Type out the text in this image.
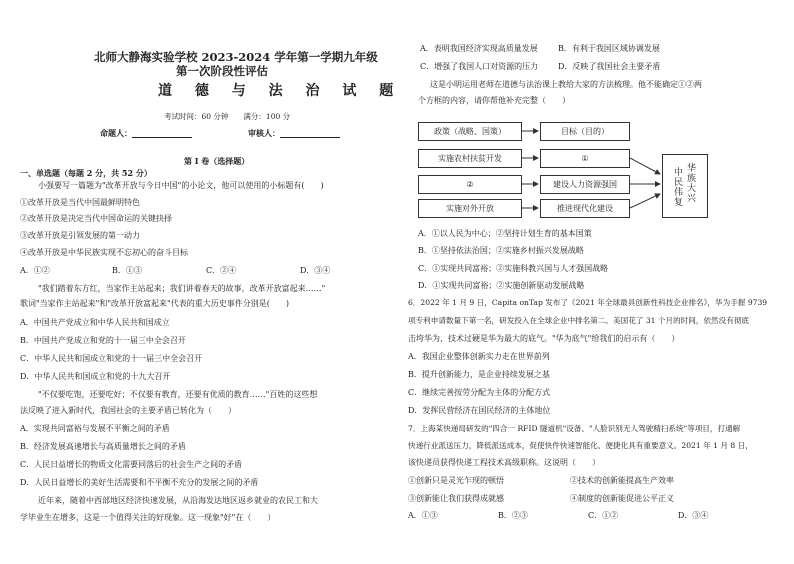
北师大静海实验学校 2023-2024 学年第一学期九年级
第一次阶段性评估
道 德 与 法 治 试 题
考试时间：60 分钟　　满分：100 分
命题人：	审核人：
第 I 卷（选择题）
一、单选题（每题 2 分，共 52 分）
小强要写一篇题为"改革开放与今日中国"的小论文，他可以使用的小标题有(　　)
①改革开放是当代中国最鲜明特色
②改革开放是决定当代中国命运的关键抉择
③改革开放是引领发展的第一动力
④改革开放是中华民族实现不忘初心的奋斗目标
A．①②	B．①③	C．②④	D．③④
"我们踏着东方红，当家作主站起来；我们讲着春天的故事，改革开放富起来……"
歌词"当家作主站起来"和"改革开放富起来"代表的重大历史事件分别是(　　)
A．中国共产党成立和中华人民共和国成立
B．中国共产党成立和党的十一届三中全会召开
C．中华人民共和国成立和党的十一届三中全会召开
D．中华人民共和国成立和党的十九大召开
"不仅要吃饱，还要吃好；不仅要有教育，还要有优质的教育……"百姓的这些想
法反映了进入新时代，我国社会的主要矛盾已转化为（　　）
A．实现共同富裕与发展不平衡之间的矛盾
B．经济发展高速增长与高质量增长之间的矛盾
C．人民日益增长的物质文化需要同落后的社会生产之间的矛盾
D．人民日益增长的美好生活需要和不平衡不充分的发展之间的矛盾
近年来，随着中西部地区经济快速发展，从沿海发达地区返乡就业的农民工和大
学毕业生在增多，这是一个值得关注的好现象。这一现象"好"在（　　）
A．表明我国经济实现高质量发展	B．有利于我国区域协调发展
C．增强了我国人口对资源的压力 D．反映了我国社会主要矛盾
这是小明运用老师在道德与法治课上教给大家的方法梳理。他不能确定①②两
个方框的内容，请你帮他补充完整（　　）
政策（战略、国策）	目标（目的）
实施农村扶贫开发	①
②	建设人力资源强国
实施对外开放	推进现代化建设
中
民
伟
复
华
族
大
兴
A．①以人民为中心；②坚持计划生育的基本国策
B．①坚持依法治国；②实施乡村振兴发展战略
C．①实现共同富裕；②实施科教兴国与人才强国战略
D．①实现共同富裕；②实施创新驱动发展战略
6．2022 年 1 月 9 日，Capita onTap 发布了《2021 年全球最具创新性科技企业排名》，华为手握 9739
项专利申请数量下第一名，研发投入在全球企业中排名第二。美国花了 31 个月的时间，依然没有彻底
击垮华为，技术过硬是华为最大的底气。"华为底气"给我们的启示有（　　）
A．我国企业整体创新实力走在世界前列
B．提升创新能力，是企业持续发展之基
C．继续完善按劳分配为主体的分配方式
D．发挥民营经济在国民经济的主体地位
7．上海某快递局研发的"四合一 RFID 隧道机"设备、"人脸识别无人驾驶精扫系统"等项目，打通解
快递行业派送压力，降低派送成本，促使快件快速智能化、便捷化具有重要意义。2021 年 1 月 8 日，
该快递员获得快递工程技术高级职称。这说明（　　）
①创新只是灵光乍现的顿悟	②技术的创新能提高生产效率
③创新能让我们获得成就感	④制度的创新能促进公平正义
A．①③	B．②③	C．①②	D．③④
